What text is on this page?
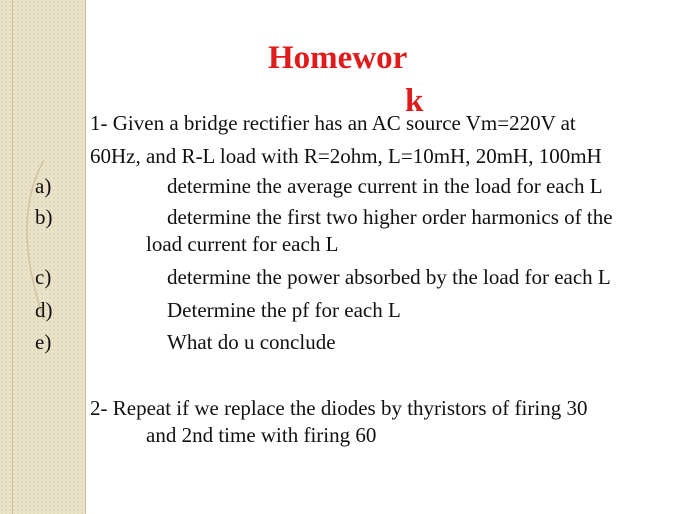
Homewor
k
1- Given a bridge rectifier has an AC source Vm=220V at
60Hz, and R-L load with R=2ohm, L=10mH, 20mH, 100mH
a)	determine the average current in the load for each L
b)	determine the first two higher order harmonics of the
load current for each L
c)	determine the power absorbed by the load for each L
d)	Determine the pf for each L
e)	What do u conclude
2- Repeat if we replace the diodes by thyristors of firing 30
and 2nd time with firing 60
